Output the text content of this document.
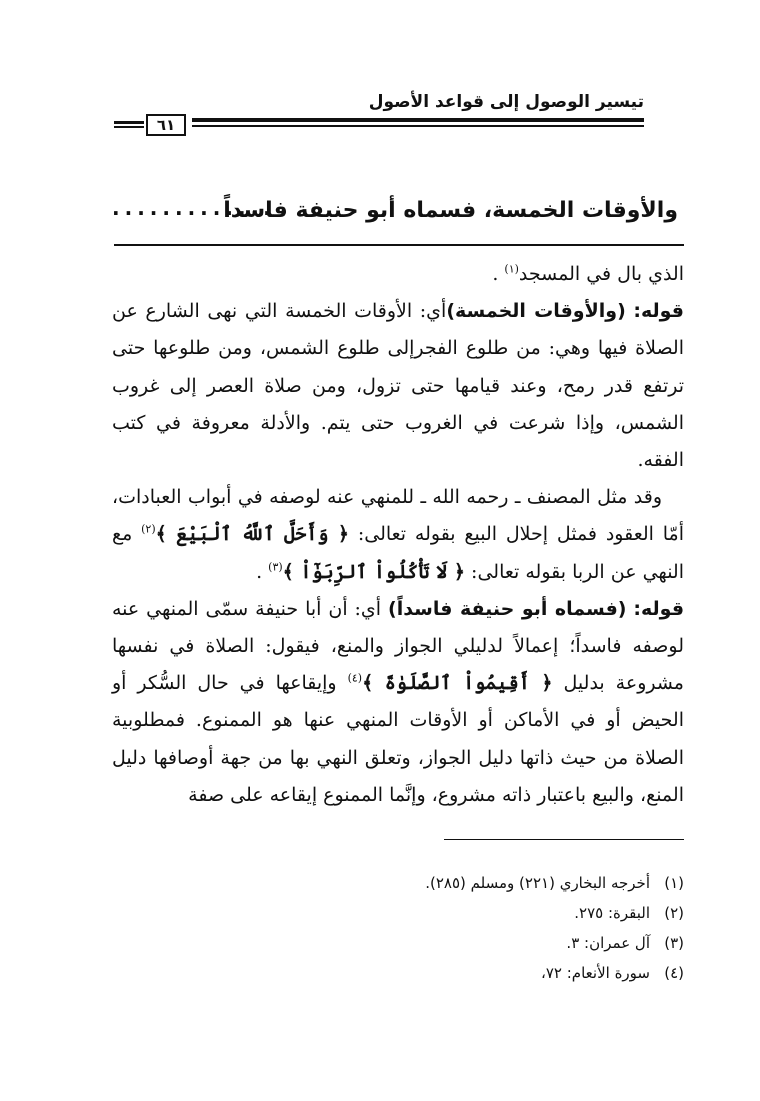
تيسير الوصول إلى قواعد الأصول
٦١
والأوقات الخمسة، فسماه أبو حنيفة فاسداً
.............

الذي بال في المسجد$^{(١)}$ .

قوله: (والأوقات الخمسة)أي: الأوقات الخمسة التي نهى الشارع عن الصلاة فيها وهي: من طلوع الفجرإلى طلوع الشمس، ومن طلوعها حتى ترتفع قدر رمح، وعند قيامها حتى تزول، ومن صلاة العصر إلى غروب الشمس، وإذا شرعت في الغروب حتى يتم. والأدلة معروفة في كتب الفقه.

وقد مثل المصنف ـ رحمه الله ـ للمنهي عنه لوصفه في أبواب العبادات، أمّا العقود فمثل إحلال البيع بقوله تعالى: ﴿ وَأَحَلَّ ٱللَّهُ ٱلْبَيْعَ ﴾$^{(٢)}$ مع النهي عن الربا بقوله تعالى: ﴿ لَا تَأْكُلُواْ ٱلرِّبَوٰٓاْ ﴾$^{(٣)}$ .

قوله: (فسماه أبو حنيفة فاسداً) أي: أن أبا حنيفة سمّى المنهي عنه لوصفه فاسداً؛ إعمالاً لدليلي الجواز والمنع، فيقول: الصلاة في نفسها مشروعة بدليل ﴿ أَقِيمُواْ ٱلصَّلَوٰةَ ﴾$^{(٤)}$ وإيقاعها في حال السُّكر أو الحيض أو في الأماكن أو الأوقات المنهي عنها هو الممنوع. فمطلوبية الصلاة من حيث ذاتها دليل الجواز، وتعلق النهي بها من جهة أوصافها دليل المنع، والبيع باعتبار ذاته مشروع، وإنَّما الممنوع إيقاعه على صفة

(١)أخرجه البخاري (٢٢١) ومسلم (٢٨٥).
(٢)البقرة: ٢٧٥.
(٣)آل عمران: ٣.
(٤)سورة الأنعام: ٧٢،
